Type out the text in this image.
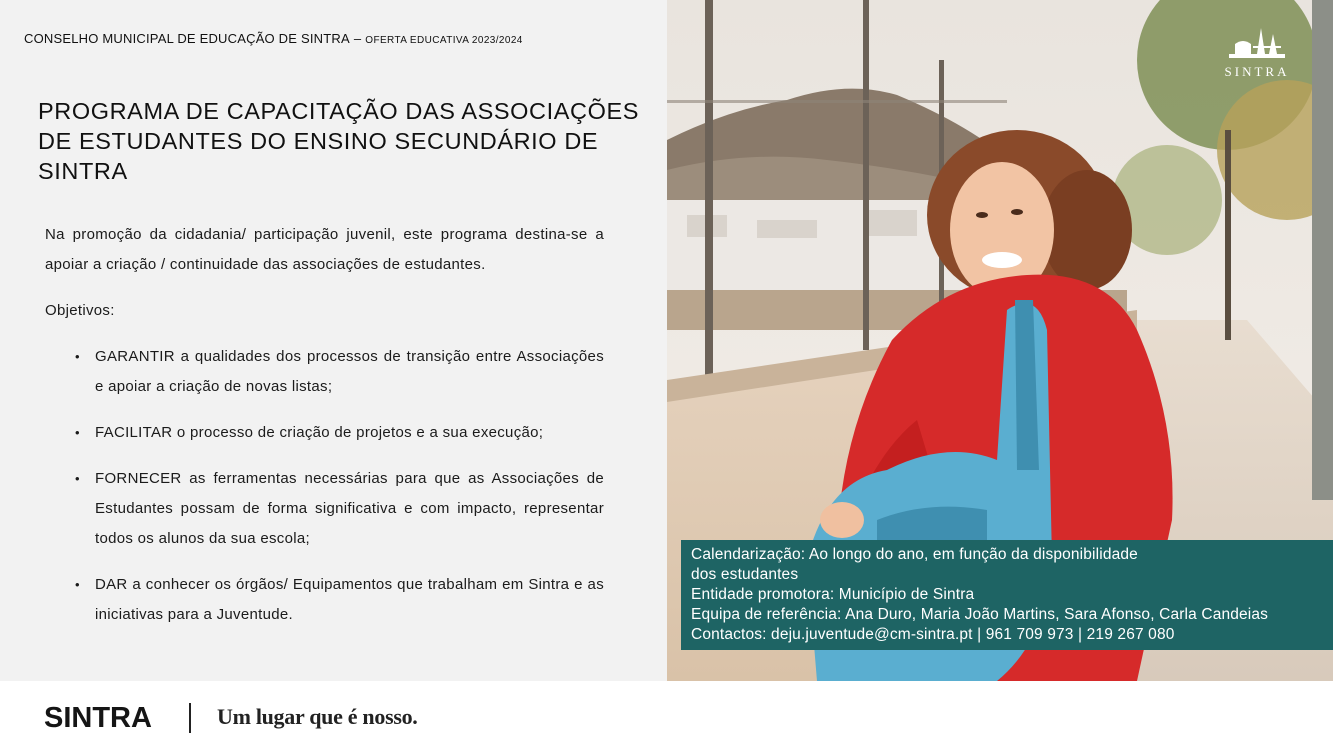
CONSELHO MUNICIPAL DE EDUCAÇÃO DE SINTRA – OFERTA EDUCATIVA 2023/2024
PROGRAMA DE CAPACITAÇÃO DAS ASSOCIAÇÕES DE ESTUDANTES DO ENSINO SECUNDÁRIO DE SINTRA

Na promoção da cidadania/ participação juvenil, este programa destina-se a apoiar a criação / continuidade das associações de estudantes.

Objetivos:

• GARANTIR a qualidades dos processos de transição entre Associações e apoiar a criação de novas listas;
• FACILITAR o processo de criação de projetos e a sua execução;
• FORNECER as ferramentas necessárias para que as Associações de Estudantes possam de forma significativa e com impacto, representar todos os alunos da sua escola;
• DAR a conhecer os órgãos/ Equipamentos que trabalham em Sintra e as iniciativas para a Juventude.
SINTRA
Calendarização: Ao longo do ano, em função da disponibilidade
dos estudantes
Entidade promotora: Município de Sintra
Equipa de referência: Ana Duro, Maria João Martins, Sara Afonso, Carla Candeias
Contactos: deju.juventude@cm-sintra.pt | 961 709 973 | 219 267 080
SINTRA	Um lugar que é nosso.
